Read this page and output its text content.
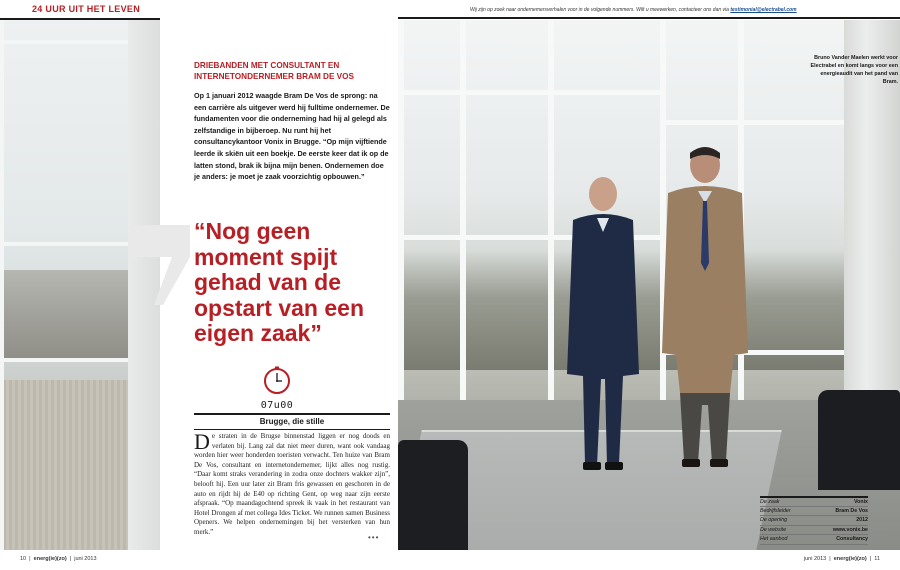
24 UUR UIT HET LEVEN	Wij zijn op zoek naar ondernemersverhalen voor in de volgende nummers. Wilt u meewerken, contacteer ons dan via testimonial@electrabel.com
DRIEBANDEN MET CONSULTANT EN INTERNETONDERNEMER BRAM DE VOS
Op 1 januari 2012 waagde Bram De Vos de sprong: na een carrière als uitgever werd hij fulltime ondernemer. De fundamenten voor die onderneming had hij al gelegd als zelfstandige in bijberoep. Nu runt hij het consultancykantoor Vonix in Brugge. “Op mijn vijftiende leerde ik skiën uit een boekje. De eerste keer dat ik op de latten stond, brak ik bijna mijn benen. Ondernemen doe je anders: je moet je zaak voorzichtig opbouwen.”
“Nog geen moment spijt gehad van de opstart van een eigen zaak”
07u00
Brugge, die stille
De straten in de Brugse binnenstad liggen er nog doods en verlaten bij. Lang zal dat niet meer duren, want ook vandaag worden hier weer honderden toeristen verwacht. Ten huize van Bram De Vos, consultant en internetondernemer, lijkt alles nog rustig. “Daar komt straks verandering in zodra onze dochters wakker zijn”, belooft hij. Een uur later zit Bram fris gewassen en geschoren in de auto en rijdt hij de E40 op richting Gent, op weg naar zijn eerste afspraak. “Op maandagochtend spreek ik vaak in het restaurant van Hotel Drongen af met collega Ides Ticket. We runnen samen Business Openers. We helpen ondernemingen bij het versterken van hun merk.”
•••
Bruno Vander Maelen werkt voor Electrabel en komt langs voor een energieaudit van het pand van Bram.
De zaak	Vonix
Bedrijfsleider	Bram De Vos
De opening	2012
De website	www.vonix.be
Het aanbod	Consultancy
10  |  energ(ie)(zo)  |  juni 2013	juni 2013  |  energ(ie)(zo)  |  11
